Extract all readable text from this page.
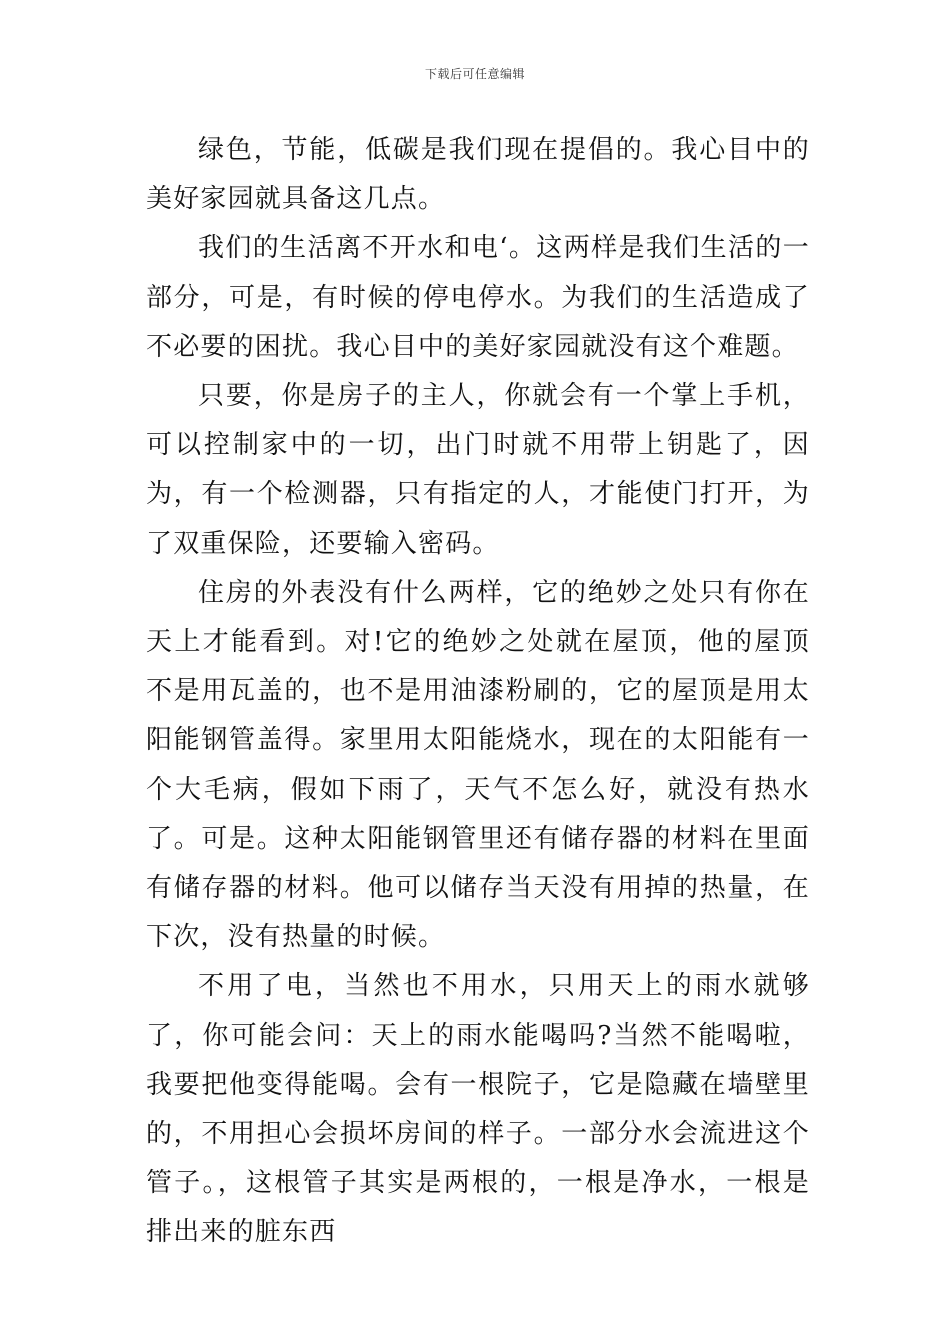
下载后可任意编辑

绿色，节能，低碳是我们现在提倡的。我心目中的美好家园就具备这几点。

我们的生活离不开水和电‘。这两样是我们生活的一部分，可是，有时候的停电停水。为我们的生活造成了不必要的困扰。我心目中的美好家园就没有这个难题。

只要，你是房子的主人，你就会有一个掌上手机，可以控制家中的一切，出门时就不用带上钥匙了，因为，有一个检测器，只有指定的人，才能使门打开，为了双重保险，还要输入密码。

住房的外表没有什么两样，它的绝妙之处只有你在天上才能看到。对!它的绝妙之处就在屋顶，他的屋顶不是用瓦盖的，也不是用油漆粉刷的，它的屋顶是用太阳能钢管盖得。家里用太阳能烧水，现在的太阳能有一个大毛病，假如下雨了，天气不怎么好，就没有热水了。可是。这种太阳能钢管里还有储存器的材料在里面有储存器的材料。他可以储存当天没有用掉的热量，在下次，没有热量的时候。

不用了电，当然也不用水，只用天上的雨水就够了，你可能会问：天上的雨水能喝吗?当然不能喝啦，我要把他变得能喝。会有一根院子，它是隐藏在墙壁里的，不用担心会损坏房间的样子。一部分水会流进这个管子。，这根管子其实是两根的，一根是净水，一根是排出来的脏东西
